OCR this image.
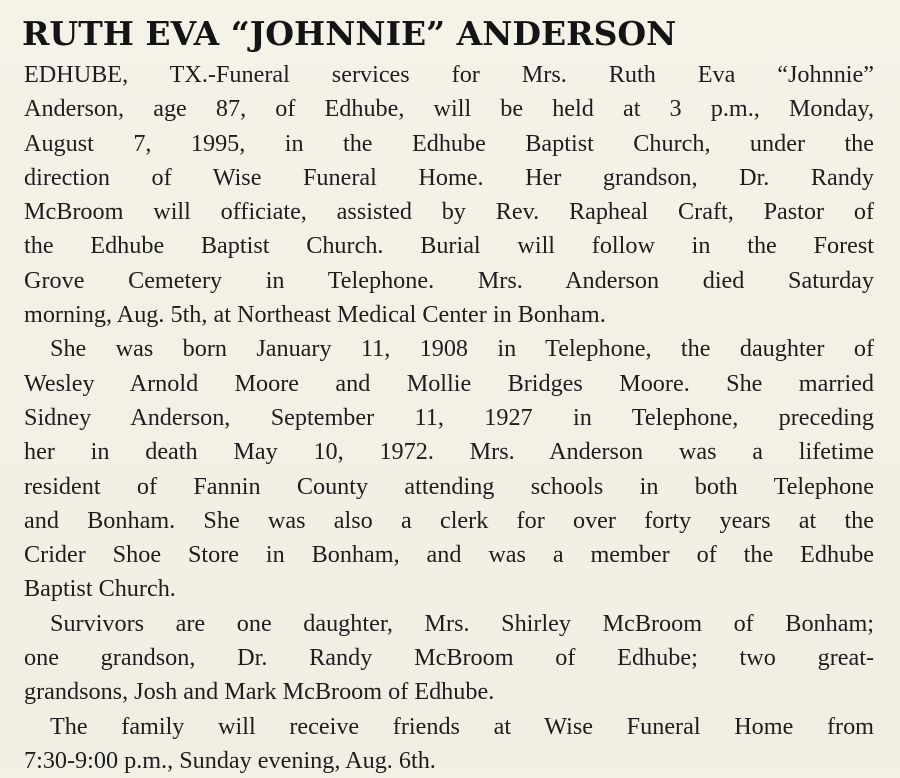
RUTH EVA “JOHNNIE” ANDERSON
EDHUBE, TX.-Funeral services for Mrs. Ruth Eva “Johnnie”
Anderson, age 87, of Edhube, will be held at 3 p.m., Monday,
August 7, 1995, in the Edhube Baptist Church, under the
direction of Wise Funeral Home. Her grandson, Dr. Randy
McBroom will officiate, assisted by Rev. Rapheal Craft, Pastor of
the Edhube Baptist Church. Burial will follow in the Forest
Grove Cemetery in Telephone. Mrs. Anderson died Saturday
morning, Aug. 5th, at Northeast Medical Center in Bonham.
She was born January 11, 1908 in Telephone, the daughter of
Wesley Arnold Moore and Mollie Bridges Moore. She married
Sidney Anderson, September 11, 1927 in Telephone, preceding
her in death May 10, 1972. Mrs. Anderson was a lifetime
resident of Fannin County attending schools in both Telephone
and Bonham. She was also a clerk for over forty years at the
Crider Shoe Store in Bonham, and was a member of the Edhube
Baptist Church.
Survivors are one daughter, Mrs. Shirley McBroom of Bonham;
one grandson, Dr. Randy McBroom of Edhube; two great-
grandsons, Josh and Mark McBroom of Edhube.
The family will receive friends at Wise Funeral Home from
7:30-9:00 p.m., Sunday evening, Aug. 6th.
